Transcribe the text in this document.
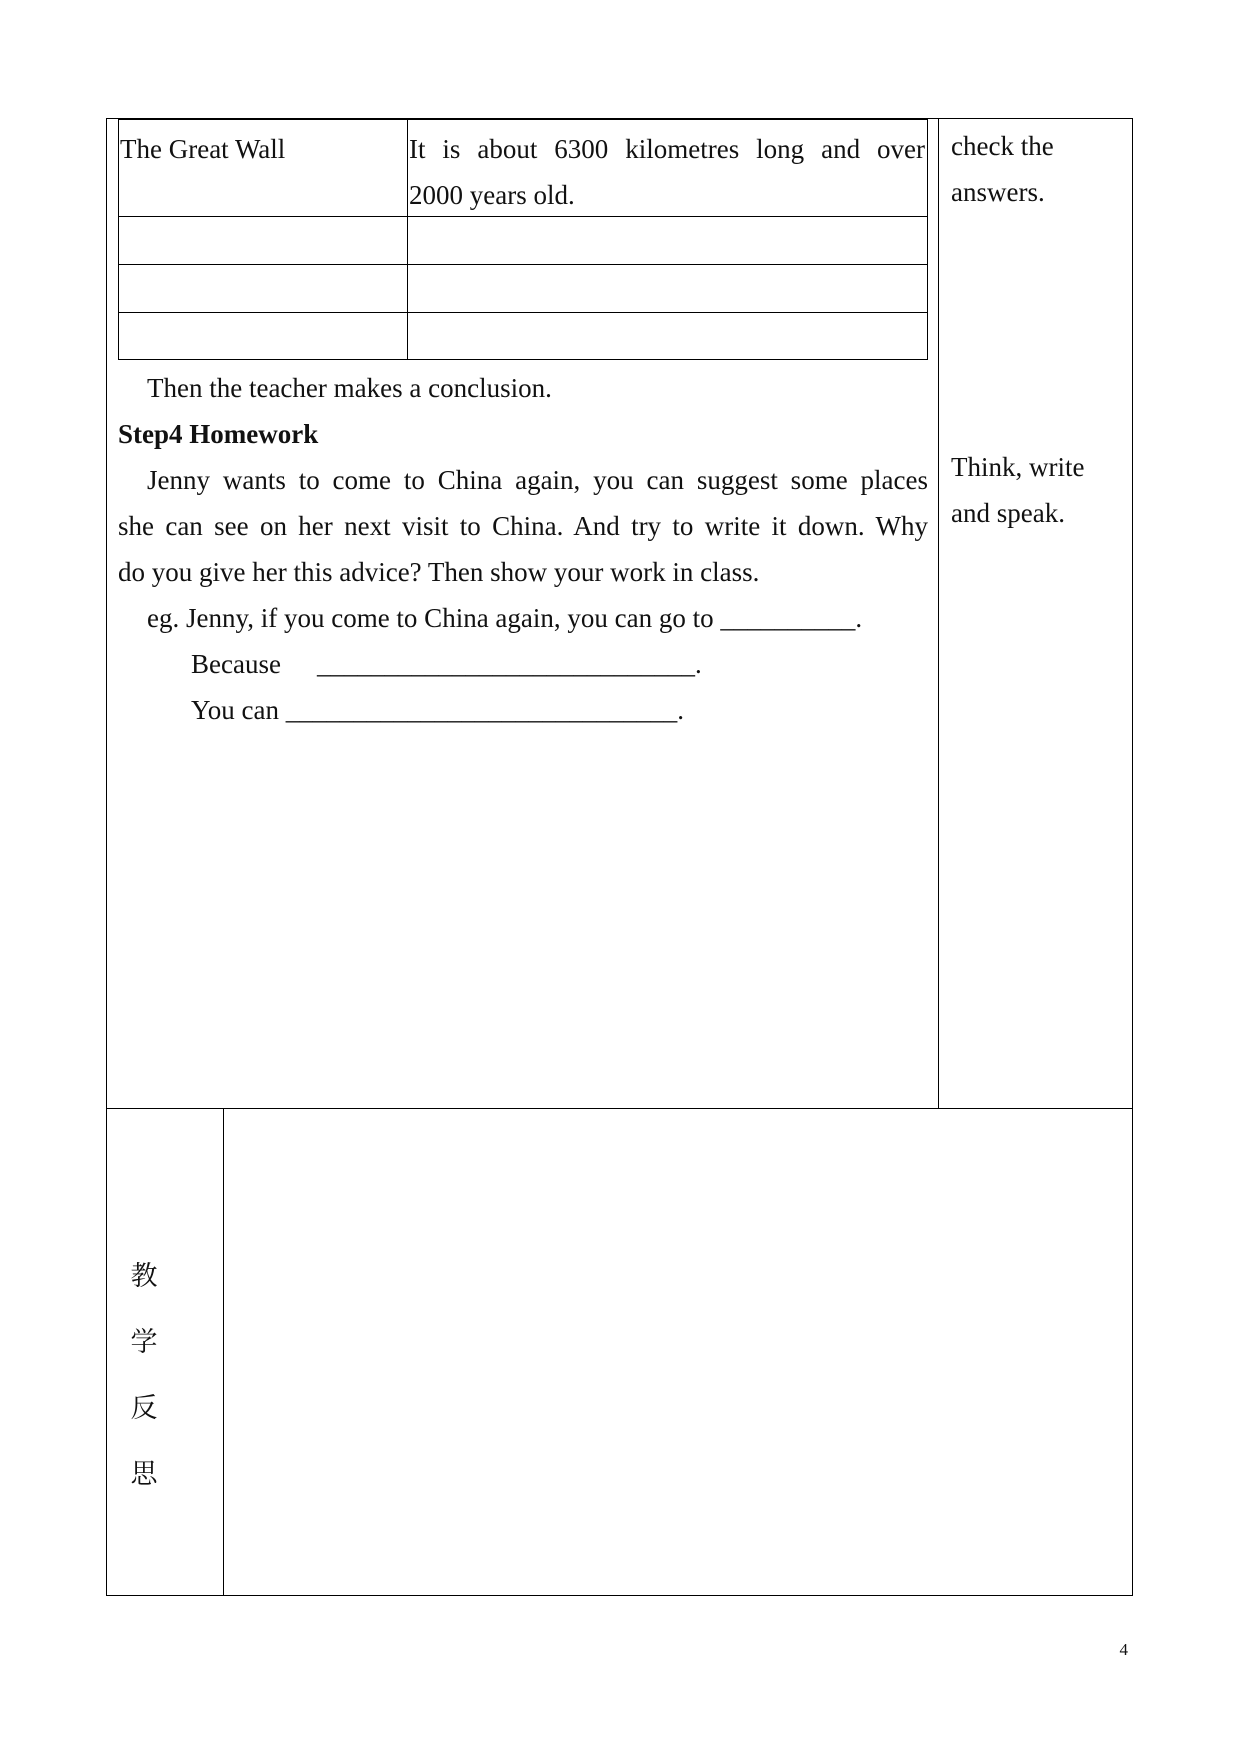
The Great Wall	It is about 6300 kilometres long and over
2000 years old.
check the
answers.
Think, write
and speak.
Then the teacher makes a conclusion.
Step4 Homework
Jenny wants to come to China again, you can suggest some places
she can see on her next visit to China. And try to write it down. Why
do you give her this advice? Then show your work in class.
eg. Jenny, if you come to China again, you can go to __________.
Because ____________________________.
You can _____________________________.
教
学
反
思
4
